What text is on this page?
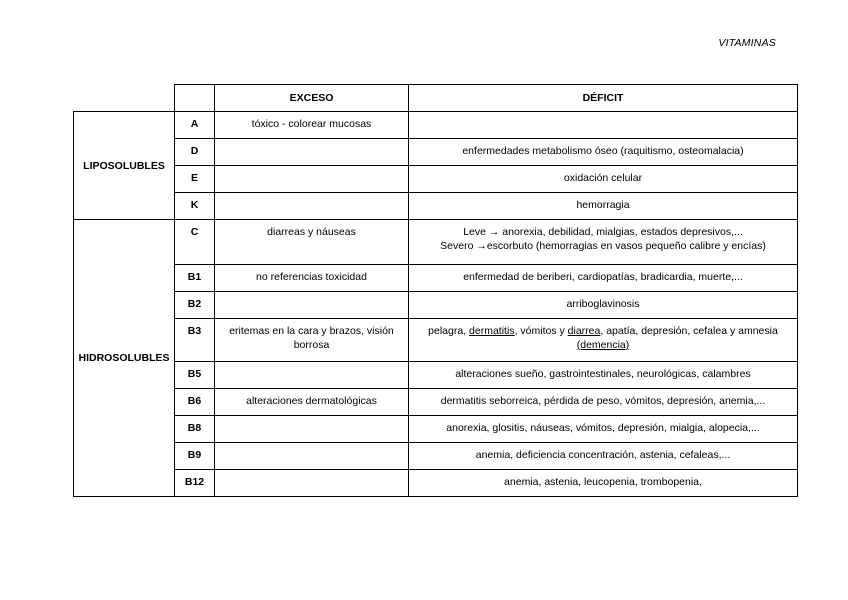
VITAMINAS
		EXCESO	DÉFICIT
LIPOSOLUBLES	A	tóxico - colorear mucosas	

	D		enfermedades metabolismo óseo (raquitismo, osteomalacia)

	E		oxidación celular

	K		hemorragia

HIDROSOLUBLES	C	diarreas y náuseas	Leve → anorexia, debilidad, mialgias, estados depresivos,...
Severo →escorbuto (hemorragias en vasos pequeño calibre y encías)

	B1	no referencias toxicidad	enfermedad de beriberi, cardiopatías, bradicardia, muerte,...

	B2		arriboglavinosis

	B3	eritemas en la cara y brazos, visión borrosa	pelagra, dermatitis, vómitos y diarrea, apatía, depresión, cefalea y amnesia (demencia)

	B5		alteraciones sueño, gastrointestinales, neurológicas, calambres

	B6	alteraciones dermatológicas	dermatitis seborreica, pérdida de peso, vómitos, depresión, anemia,...

	B8		anorexia, glositis, náuseas, vómitos, depresión, mialgia, alopecia,...

	B9		anemia, deficiencia concentración, astenia, cefaleas,...

	B12		anemia, astenia, leucopenia, trombopenia,
